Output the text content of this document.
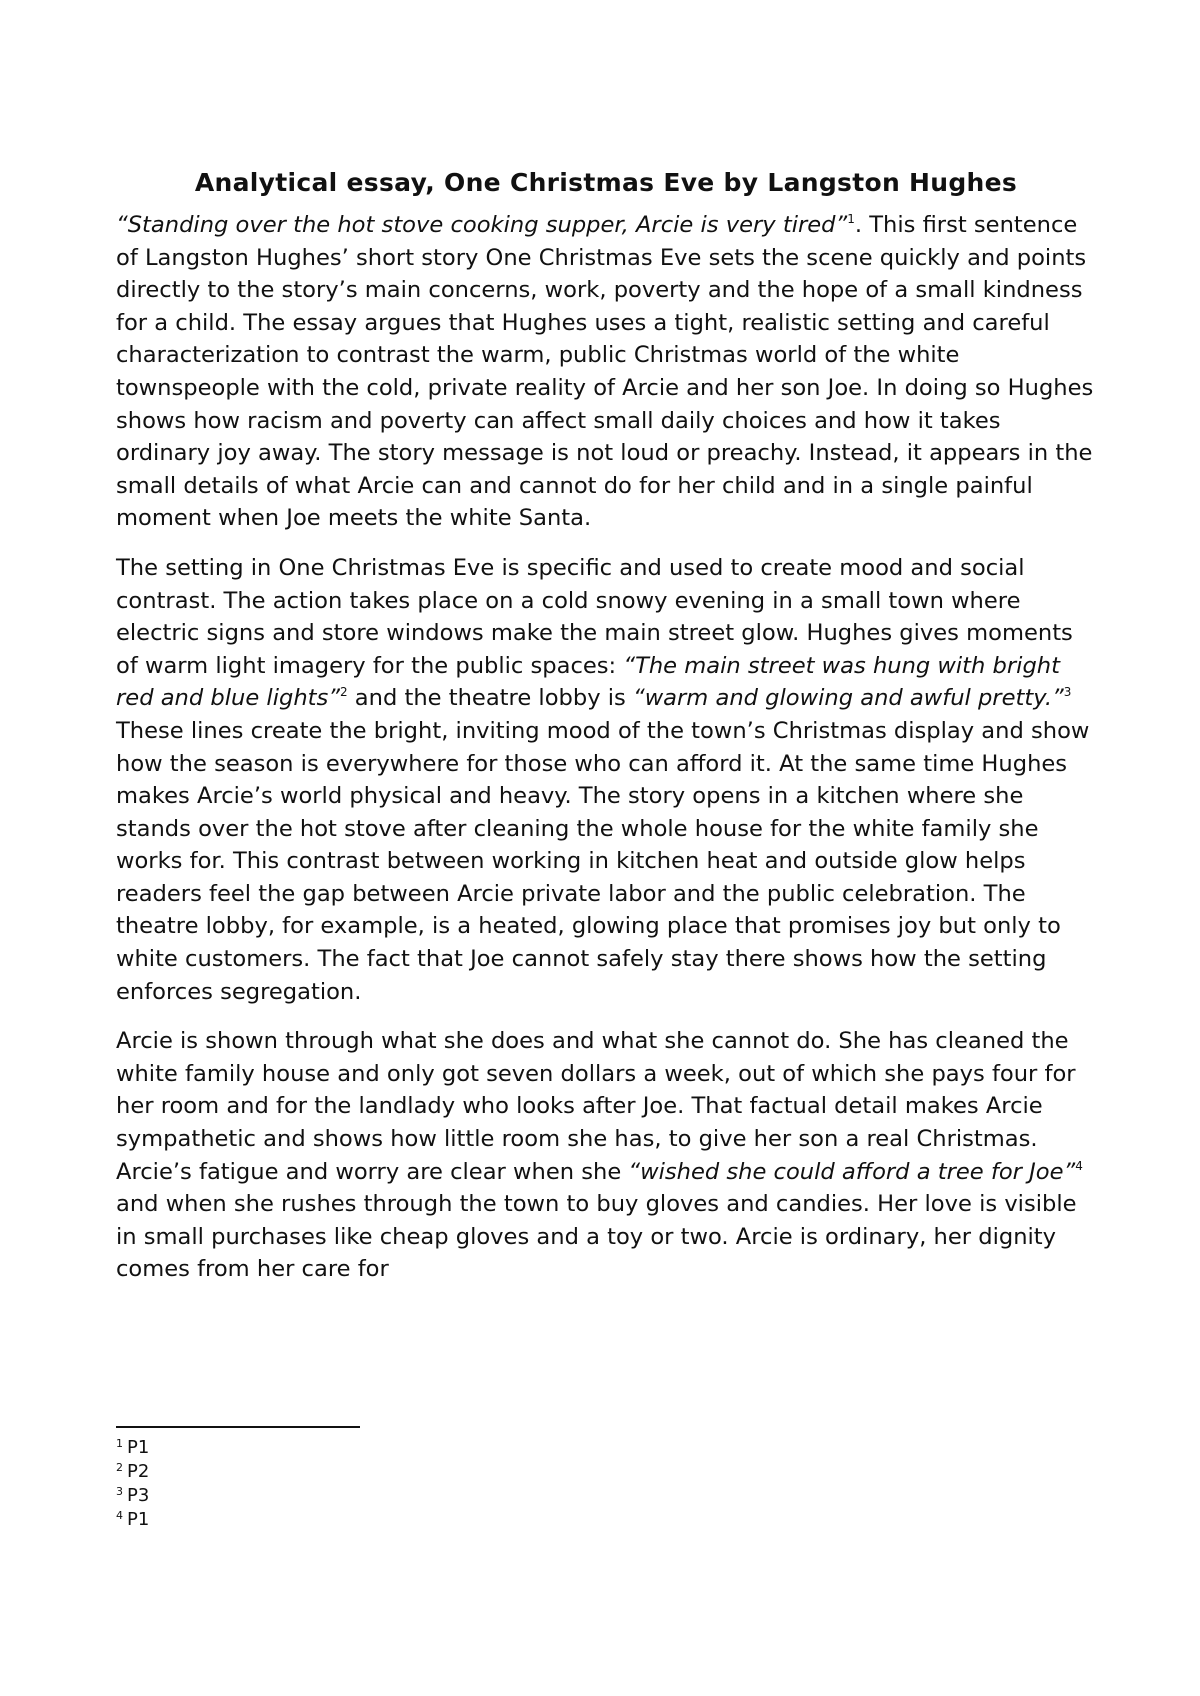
Analytical essay, One Christmas Eve by Langston Hughes

“Standing over the hot stove cooking supper, Arcie is very tired”$^1$. This first sentence of Langston Hughes’ short story One Christmas Eve sets the scene quickly and points directly to the story’s main concerns, work, poverty and the hope of a small kindness for a child. The essay argues that Hughes uses a tight, realistic setting and careful characterization to contrast the warm, public Christmas world of the white townspeople with the cold, private reality of Arcie and her son Joe. In doing so Hughes shows how racism and poverty can affect small daily choices and how it takes ordinary joy away. The story message is not loud or preachy. Instead, it appears in the small details of what Arcie can and cannot do for her child and in a single painful moment when Joe meets the white Santa.

The setting in One Christmas Eve is specific and used to create mood and social contrast. The action takes place on a cold snowy evening in a small town where electric signs and store windows make the main street glow. Hughes gives moments of warm light imagery for the public spaces: “The main street was hung with bright red and blue lights”$^2$ and the theatre lobby is “warm and glowing and awful pretty.”$^3$ These lines create the bright, inviting mood of the town’s Christmas display and show how the season is everywhere for those who can afford it. At the same time Hughes makes Arcie’s world physical and heavy. The story opens in a kitchen where she stands over the hot stove after cleaning the whole house for the white family she works for. This contrast between working in kitchen heat and outside glow helps readers feel the gap between Arcie private labor and the public celebration. The theatre lobby, for example, is a heated, glowing place that promises joy but only to white customers. The fact that Joe cannot safely stay there shows how the setting enforces segregation.

Arcie is shown through what she does and what she cannot do. She has cleaned the white family house and only got seven dollars a week, out of which she pays four for her room and for the landlady who looks after Joe. That factual detail makes Arcie sympathetic and shows how little room she has, to give her son a real Christmas. Arcie’s fatigue and worry are clear when she “wished she could afford a tree for Joe”$^4$ and when she rushes through the town to buy gloves and candies. Her love is visible in small purchases like cheap gloves and a toy or two. Arcie is ordinary, her dignity comes from her care for

$^1$ P1
$^2$ P2
$^3$ P3
$^4$ P1
